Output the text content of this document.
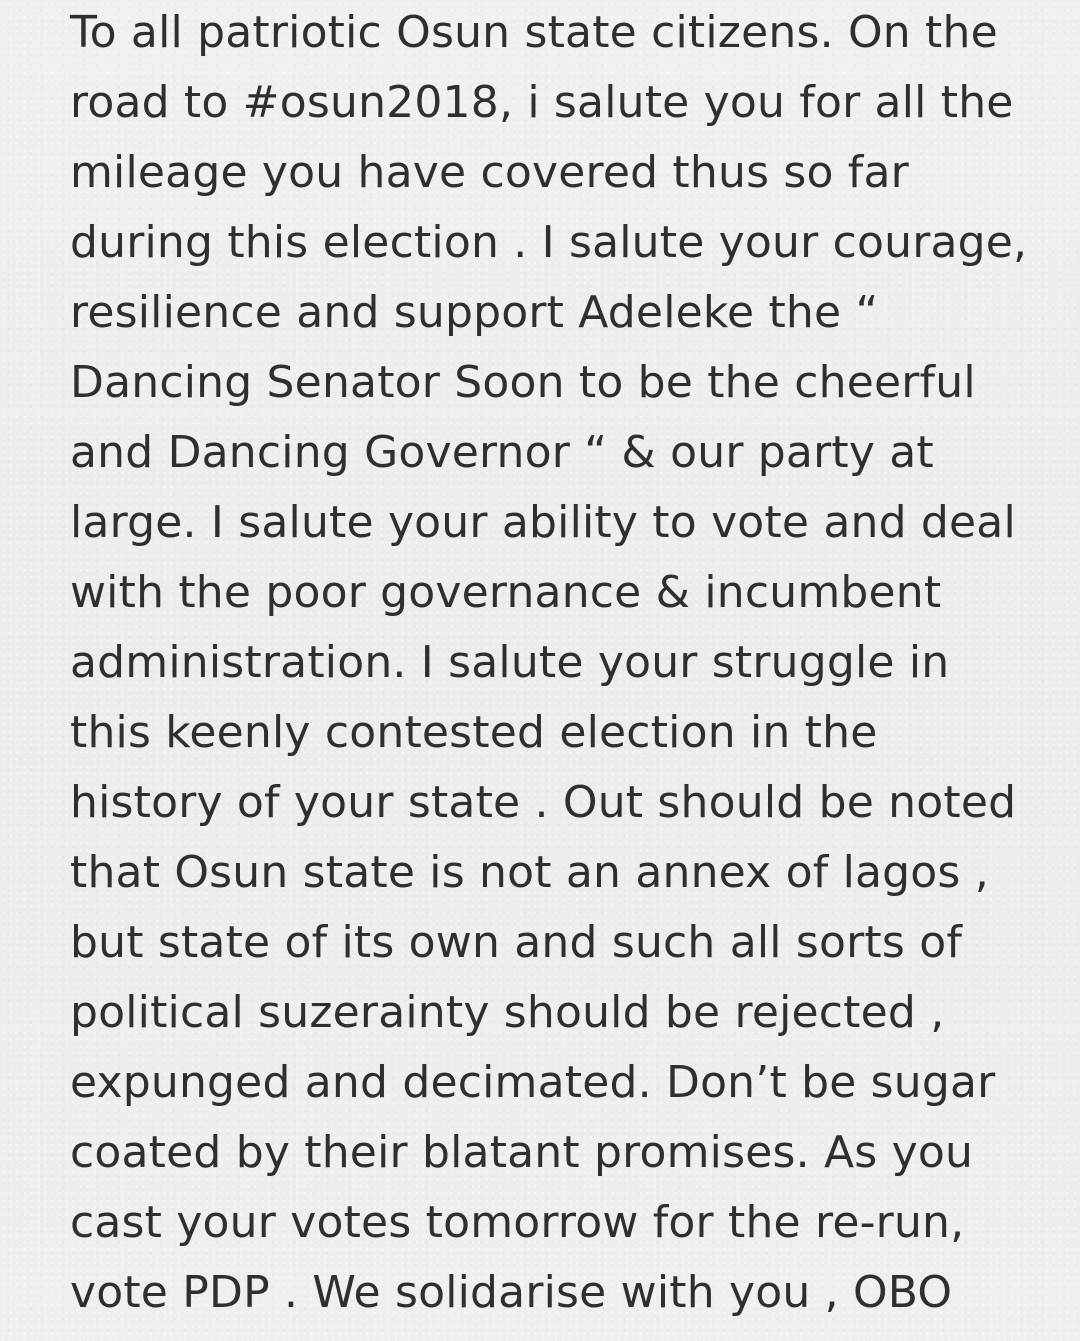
To all patriotic Osun state citizens. On the
road to #osun2018, i salute you for all the
mileage you have covered thus so far
during this election . I salute your courage,
resilience and support Adeleke the “
Dancing Senator Soon to be the cheerful
and Dancing Governor “ & our party at
large. I salute your ability to vote and deal
with the poor governance & incumbent
administration. I salute your struggle in
this keenly contested election in the
history of your state . Out should be noted
that Osun state is not an annex of lagos ,
but state of its own and such all sorts of
political suzerainty should be rejected ,
expunged and decimated. Don’t be sugar
coated by their blatant promises. As you
cast your votes tomorrow for the re-run,
vote PDP . We solidarise with you , OBO
